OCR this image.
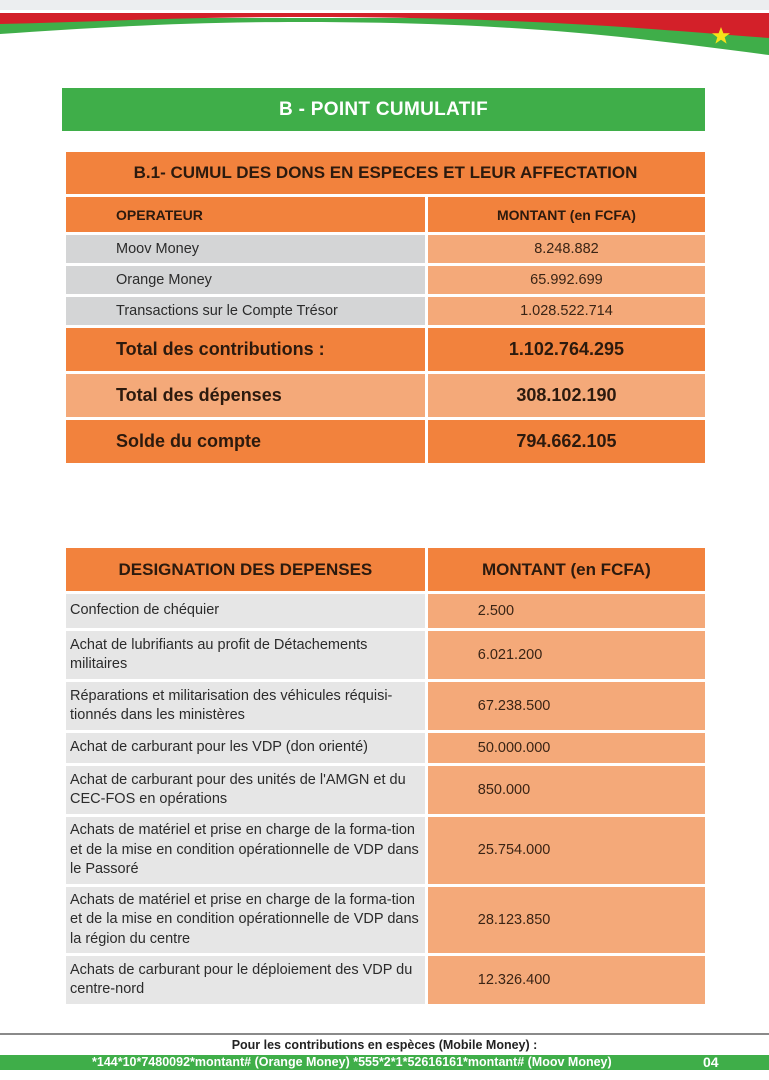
B - POINT CUMULATIF
B.1- CUMUL DES DONS EN ESPECES ET LEUR AFFECTATION	
OPERATEUR	MONTANT (en FCFA)
Moov Money	8.248.882
Orange Money	65.992.699
Transactions sur le Compte Trésor	1.028.522.714
Total des contributions :	1.102.764.295
Total des dépenses	308.102.190
Solde du compte	794.662.105
DESIGNATION DES DEPENSES	MONTANT (en FCFA)
Confection de chéquier	2.500
Achat de lubrifiants au profit de Détachements militaires	6.021.200
Réparations et militarisation des véhicules réquisi-tionnés dans les ministères	67.238.500
Achat de carburant pour les VDP (don orienté)	50.000.000
Achat de carburant pour des unités de l'AMGN et du CEC-FOS en opérations	850.000
Achats de matériel et prise en charge de la forma-tion et de la mise en condition opérationnelle de VDP dans le Passoré	25.754.000
Achats de matériel et prise en charge de la forma-tion et de la mise en condition opérationnelle de VDP dans la région du centre	28.123.850
Achats de carburant pour le déploiement des VDP du centre-nord	12.326.400
Pour les contributions en espèces (Mobile Money) :
*144*10*7480092*montant# (Orange Money) *555*2*1*52616161*montant# (Moov Money)	04
